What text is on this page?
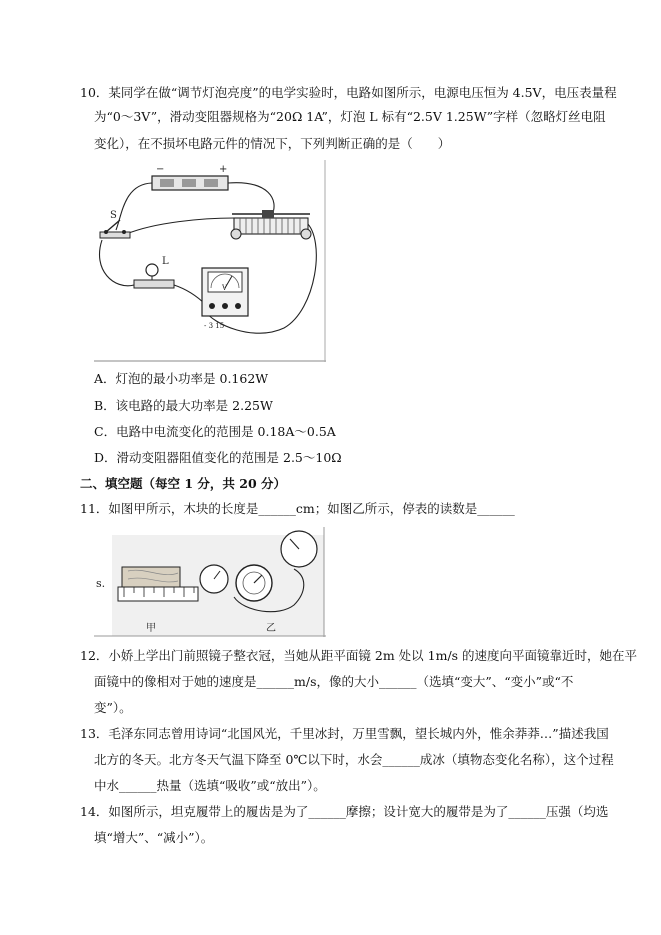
10．某同学在做“调节灯泡亮度”的电学实验时，电路如图所示，电源电压恒为 4.5V，电压表量程
为“0～3V”，滑动变阻器规格为“20Ω 1A”，灯泡 L 标有“2.5V 1.25W”字样（忽略灯丝电阻
变化），在不损坏电路元件的情况下，下列判断正确的是（　　）
−	+
S
L
V
- 3 15
A．灯泡的最小功率是 0.162W
B．该电路的最大功率是 2.25W
C．电路中电流变化的范围是 0.18A～0.5A
D．滑动变阻器阻值变化的范围是 2.5～10Ω
二、填空题（每空 1 分，共 20 分）
11．如图甲所示，木块的长度是______cm；如图乙所示，停表的读数是______
s.
甲	乙
12．小娇上学出门前照镜子整衣冠，当她从距平面镜 2m 处以 1m/s 的速度向平面镜靠近时，她在平
面镜中的像相对于她的速度是______m/s，像的大小______（选填“变大”、“变小”或“不
变”）。
13．毛泽东同志曾用诗词“北国风光，千里冰封，万里雪飘，望长城内外，惟余莽莽…”描述我国
北方的冬天。北方冬天气温下降至 0℃以下时，水会______成冰（填物态变化名称），这个过程
中水______热量（选填“吸收”或“放出”）。
14．如图所示，坦克履带上的履齿是为了______摩擦；设计宽大的履带是为了______压强（均选
填“增大”、“减小”）。
